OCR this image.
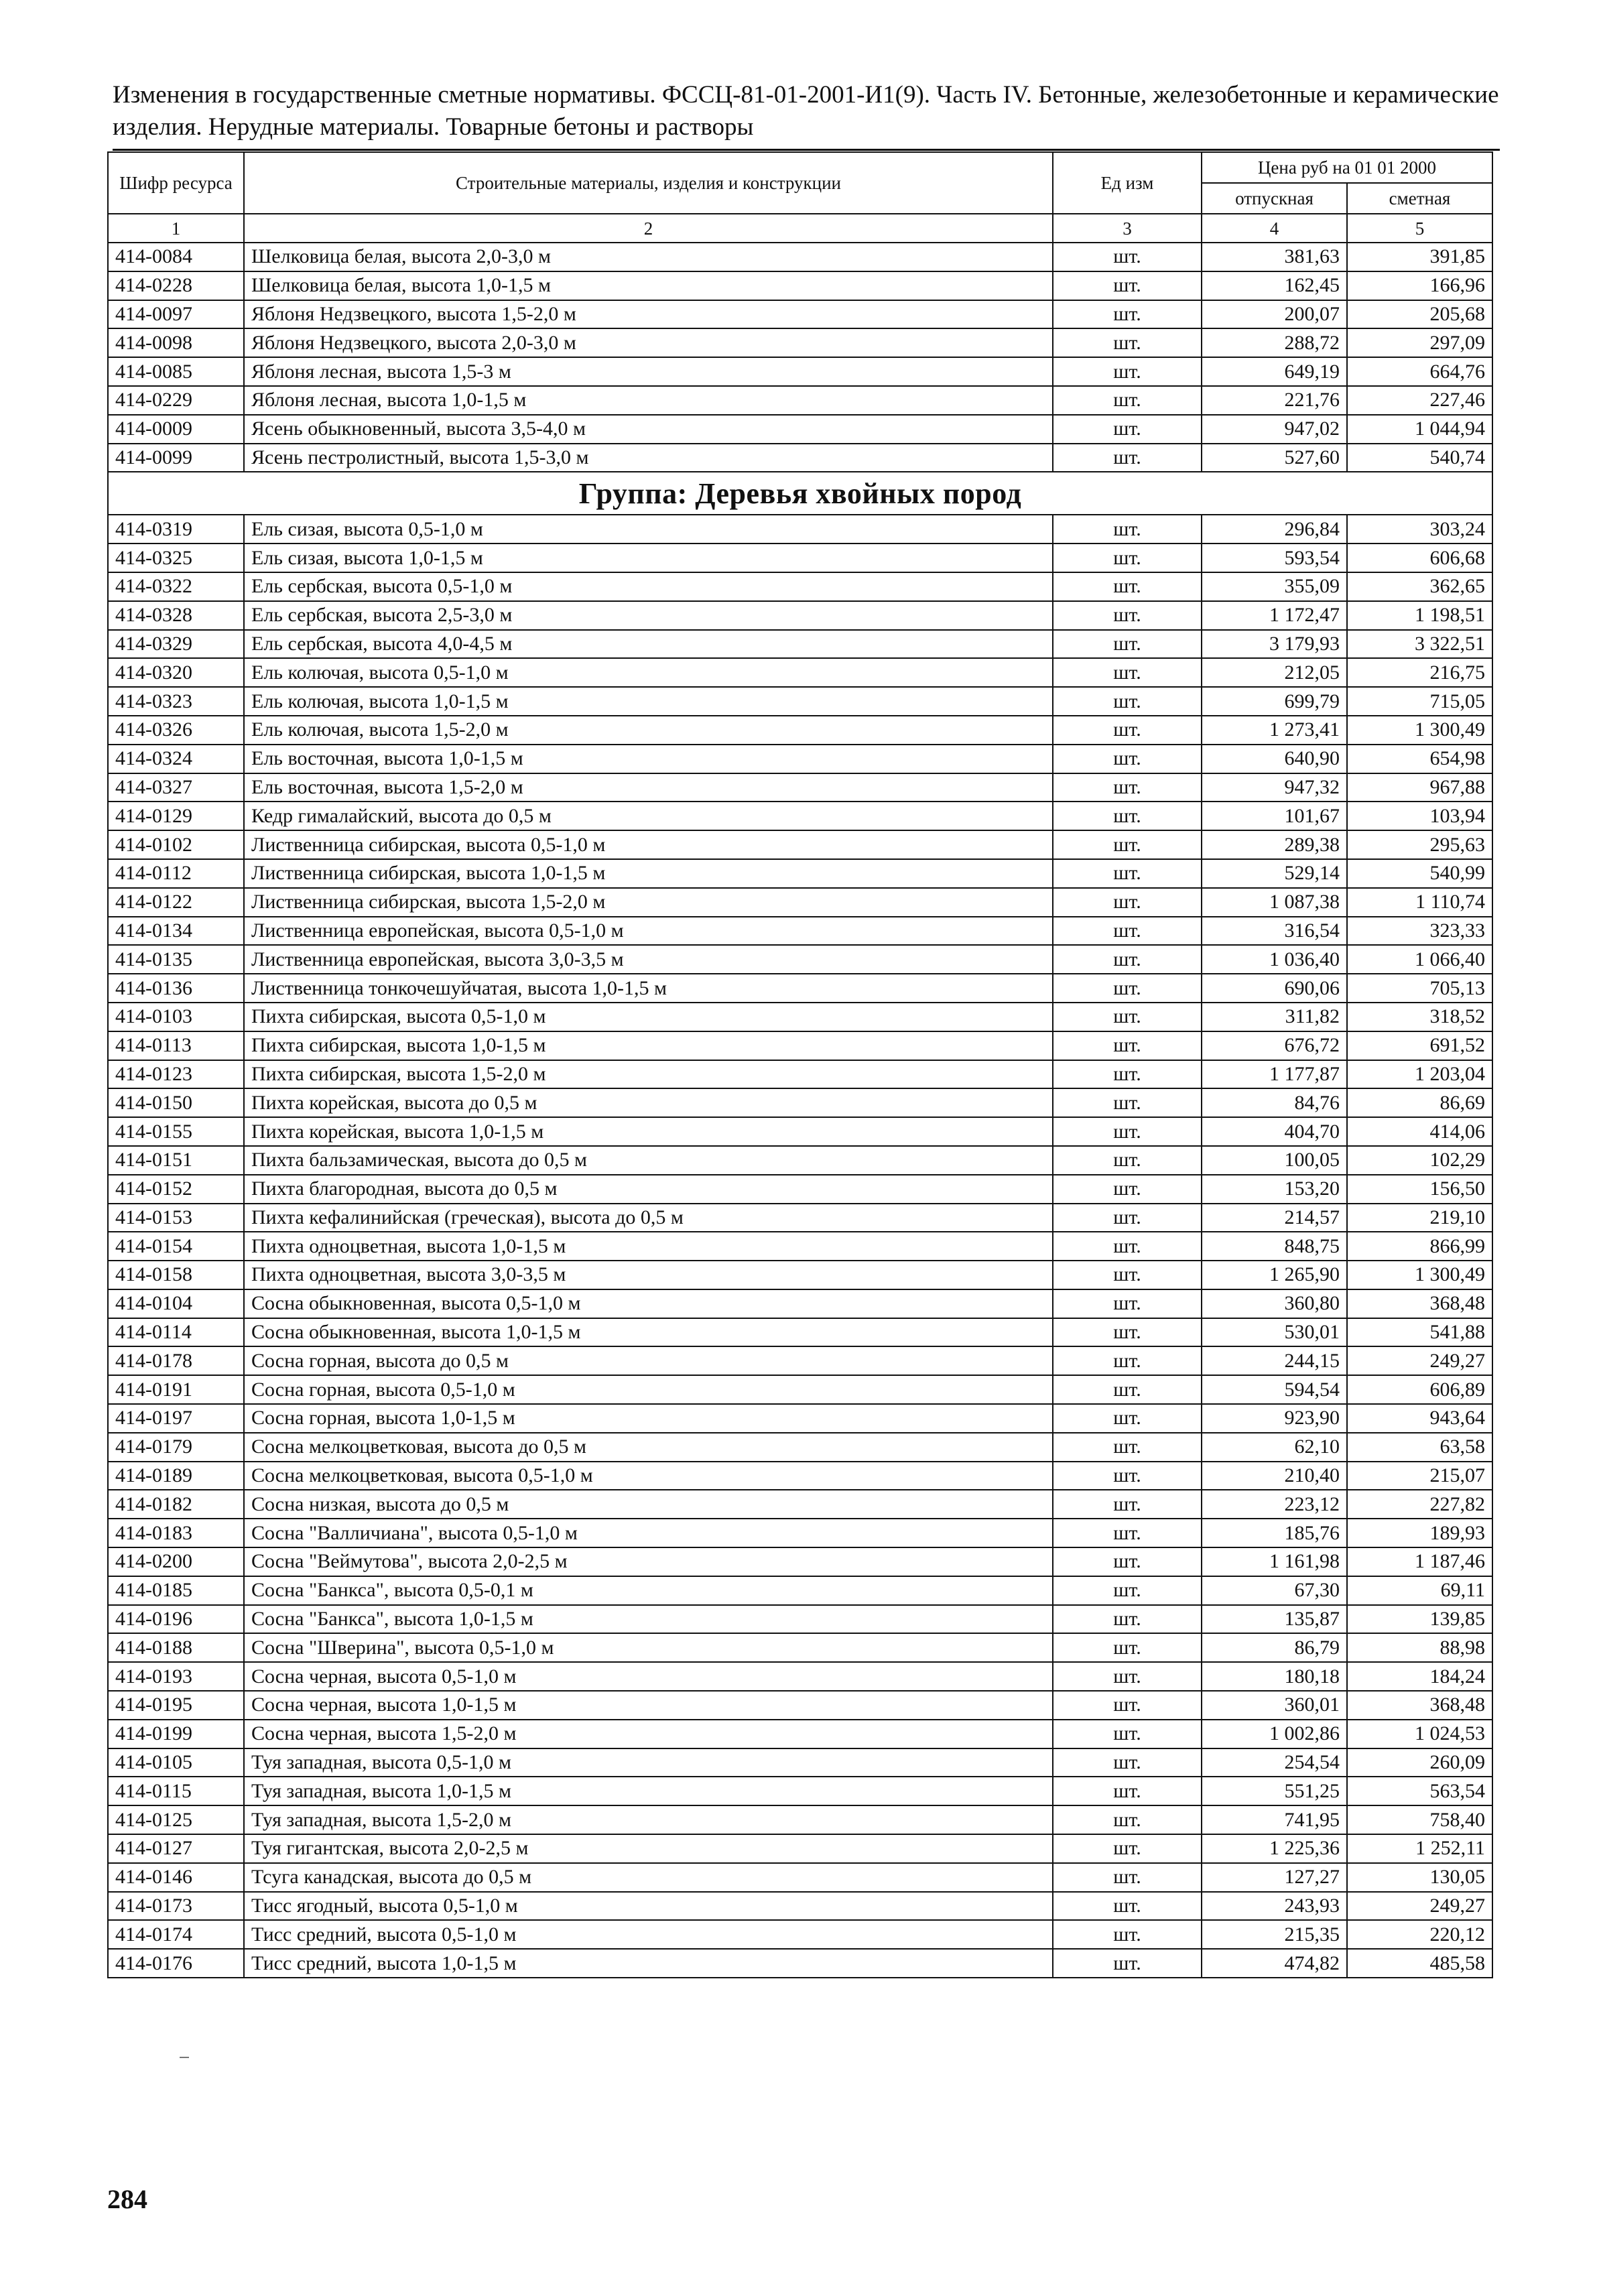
Изменения в государственные сметные нормативы. ФССЦ-81-01-2001-И1(9). Часть IV. Бетонные, железобетонные и керамические изделия. Нерудные материалы. Товарные бетоны и растворы
Шифр ресурса	Строительные материалы, изделия и конструкции	Ед изм	Цена руб на 01 01 2000	
			отпускная	сметная
1	2	3	4	5
414-0084	Шелковица белая, высота 2,0-3,0 м	шт.	381,63	391,85
414-0228	Шелковица белая, высота 1,0-1,5 м	шт.	162,45	166,96
414-0097	Яблоня Недзвецкого, высота 1,5-2,0 м	шт.	200,07	205,68
414-0098	Яблоня Недзвецкого, высота 2,0-3,0 м	шт.	288,72	297,09
414-0085	Яблоня лесная, высота 1,5-3 м	шт.	649,19	664,76
414-0229	Яблоня лесная, высота 1,0-1,5 м	шт.	221,76	227,46
414-0009	Ясень обыкновенный, высота 3,5-4,0 м	шт.	947,02	1 044,94
414-0099	Ясень пестролистный, высота 1,5-3,0 м	шт.	527,60	540,74
Группа: Деревья хвойных пород				
414-0319	Ель сизая, высота 0,5-1,0 м	шт.	296,84	303,24
414-0325	Ель сизая, высота 1,0-1,5 м	шт.	593,54	606,68
414-0322	Ель сербская, высота 0,5-1,0 м	шт.	355,09	362,65
414-0328	Ель сербская, высота 2,5-3,0 м	шт.	1 172,47	1 198,51
414-0329	Ель сербская, высота 4,0-4,5 м	шт.	3 179,93	3 322,51
414-0320	Ель колючая, высота 0,5-1,0 м	шт.	212,05	216,75
414-0323	Ель колючая, высота 1,0-1,5 м	шт.	699,79	715,05
414-0326	Ель колючая, высота 1,5-2,0 м	шт.	1 273,41	1 300,49
414-0324	Ель восточная, высота 1,0-1,5 м	шт.	640,90	654,98
414-0327	Ель восточная, высота 1,5-2,0 м	шт.	947,32	967,88
414-0129	Кедр гималайский, высота до 0,5 м	шт.	101,67	103,94
414-0102	Лиственница сибирская, высота 0,5-1,0 м	шт.	289,38	295,63
414-0112	Лиственница сибирская, высота 1,0-1,5 м	шт.	529,14	540,99
414-0122	Лиственница сибирская, высота 1,5-2,0 м	шт.	1 087,38	1 110,74
414-0134	Лиственница европейская, высота 0,5-1,0 м	шт.	316,54	323,33
414-0135	Лиственница европейская, высота 3,0-3,5 м	шт.	1 036,40	1 066,40
414-0136	Лиственница тонкочешуйчатая, высота 1,0-1,5 м	шт.	690,06	705,13
414-0103	Пихта сибирская, высота 0,5-1,0 м	шт.	311,82	318,52
414-0113	Пихта сибирская, высота 1,0-1,5 м	шт.	676,72	691,52
414-0123	Пихта сибирская, высота 1,5-2,0 м	шт.	1 177,87	1 203,04
414-0150	Пихта корейская, высота до 0,5 м	шт.	84,76	86,69
414-0155	Пихта корейская, высота 1,0-1,5 м	шт.	404,70	414,06
414-0151	Пихта бальзамическая, высота до 0,5 м	шт.	100,05	102,29
414-0152	Пихта благородная, высота до 0,5 м	шт.	153,20	156,50
414-0153	Пихта кефалинийская (греческая), высота до 0,5 м	шт.	214,57	219,10
414-0154	Пихта одноцветная, высота 1,0-1,5 м	шт.	848,75	866,99
414-0158	Пихта одноцветная, высота 3,0-3,5 м	шт.	1 265,90	1 300,49
414-0104	Сосна обыкновенная, высота 0,5-1,0 м	шт.	360,80	368,48
414-0114	Сосна обыкновенная, высота 1,0-1,5 м	шт.	530,01	541,88
414-0178	Сосна горная, высота до 0,5 м	шт.	244,15	249,27
414-0191	Сосна горная, высота 0,5-1,0 м	шт.	594,54	606,89
414-0197	Сосна горная, высота 1,0-1,5 м	шт.	923,90	943,64
414-0179	Сосна мелкоцветковая, высота до 0,5 м	шт.	62,10	63,58
414-0189	Сосна мелкоцветковая, высота 0,5-1,0 м	шт.	210,40	215,07
414-0182	Сосна низкая, высота до 0,5 м	шт.	223,12	227,82
414-0183	Сосна "Валличиана", высота 0,5-1,0 м	шт.	185,76	189,93
414-0200	Сосна "Веймутова", высота 2,0-2,5 м	шт.	1 161,98	1 187,46
414-0185	Сосна "Банкса", высота 0,5-0,1 м	шт.	67,30	69,11
414-0196	Сосна "Банкса", высота 1,0-1,5 м	шт.	135,87	139,85
414-0188	Сосна "Шверина", высота 0,5-1,0 м	шт.	86,79	88,98
414-0193	Сосна черная, высота 0,5-1,0 м	шт.	180,18	184,24
414-0195	Сосна черная, высота 1,0-1,5 м	шт.	360,01	368,48
414-0199	Сосна черная, высота 1,5-2,0 м	шт.	1 002,86	1 024,53
414-0105	Туя западная, высота 0,5-1,0 м	шт.	254,54	260,09
414-0115	Туя западная, высота 1,0-1,5 м	шт.	551,25	563,54
414-0125	Туя западная, высота 1,5-2,0 м	шт.	741,95	758,40
414-0127	Туя гигантская, высота 2,0-2,5 м	шт.	1 225,36	1 252,11
414-0146	Тсуга канадская, высота до 0,5 м	шт.	127,27	130,05
414-0173	Тисс ягодный, высота 0,5-1,0 м	шт.	243,93	249,27
414-0174	Тисс средний, высота 0,5-1,0 м	шт.	215,35	220,12
414-0176	Тисс средний, высота 1,0-1,5 м	шт.	474,82	485,58
284
